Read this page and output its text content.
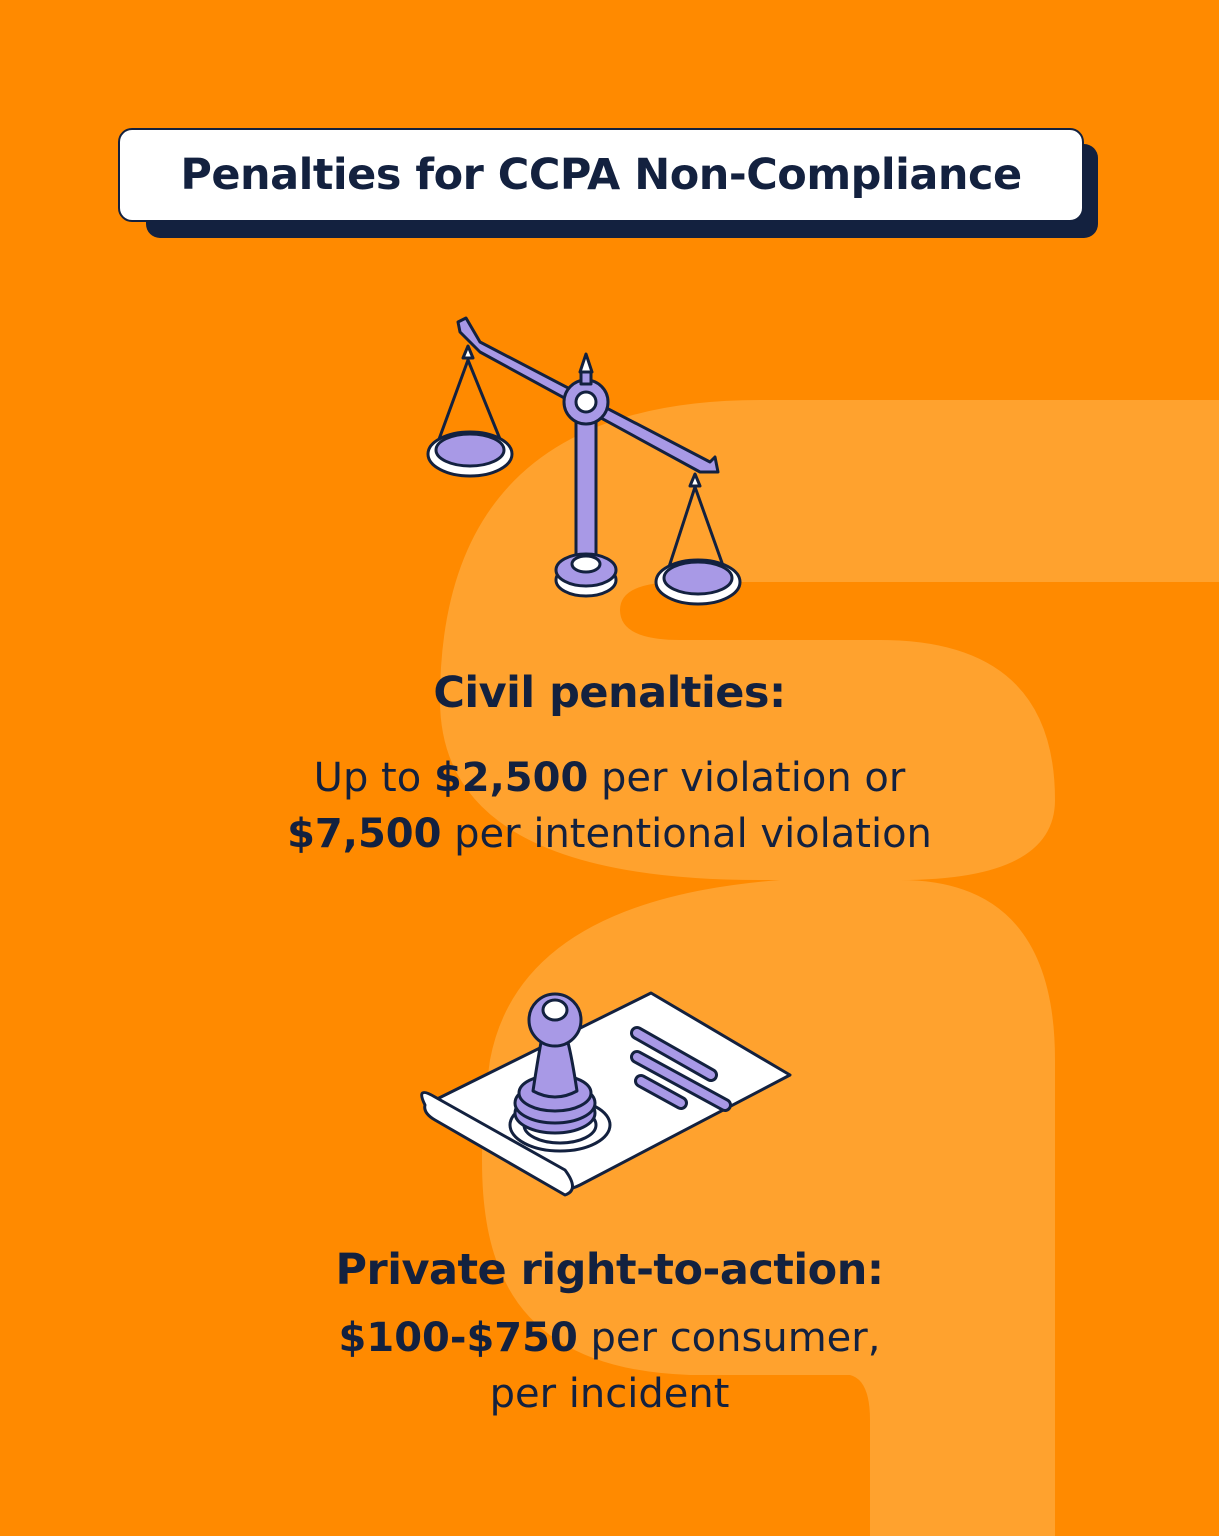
Penalties for CCPA Non-Compliance
Civil penalties:
Up to $2,500 per violation or
$7,500 per intentional violation
Private right-to-action:
$100-$750 per consumer,
per incident
